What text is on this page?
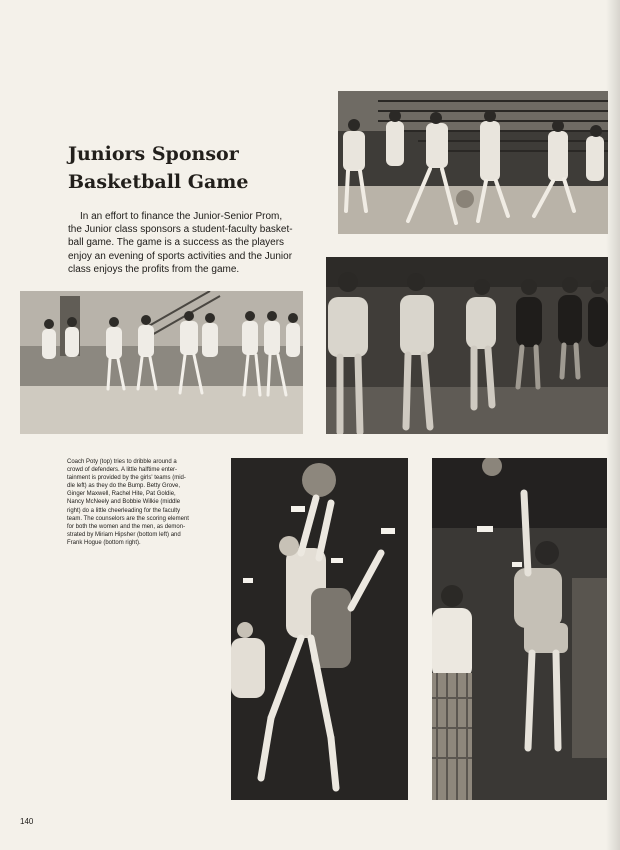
Juniors Sponsor
Basketball Game

In an effort to finance the Junior-Senior Prom,
the Junior class sponsors a student-faculty basket-
ball game. The game is a success as the players
enjoy an evening of sports activities and the Junior
class enjoys the profits from the game.

Coach Poty (top) tries to dribble around a
crowd of defenders. A little halftime enter-
tainment is provided by the girls' teams (mid-
dle left) as they do the Bump. Betty Grove,
Ginger Maxwell, Rachel Hite, Pat Goldie,
Nancy McNeely and Bobbie Wilkie (middle
right) do a little cheerleading for the faculty
team. The counselors are the scoring element
for both the women and the men, as demon-
strated by Miriam Hipsher (bottom left) and
Frank Hogue (bottom right).

140
